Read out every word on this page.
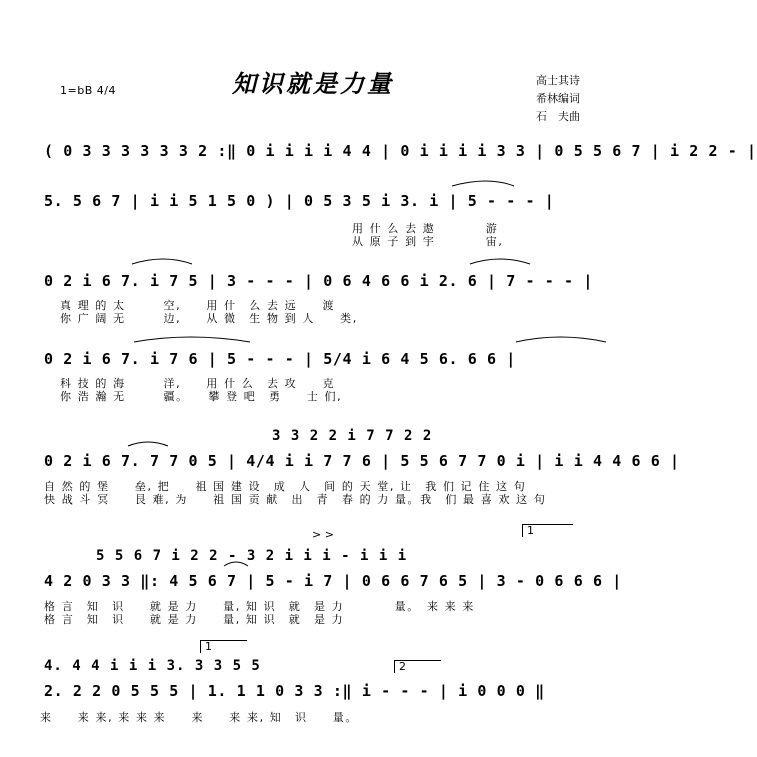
1=bB 4/4	知识就是力量	高士其诗
希林编词
石　夫曲
( 0 3 3 3 3 3 3 2 :‖ 0 i i i i 4 4 | 0 i i i i 3 3 | 0 5 5 6 7 | i 2 2 - |
5. 5 6 7 | i i 5 1 5 0 ) | 0 5 3 5 i 3. i | 5 - - - |
用 什 么 去 遨　　　　游
从 原 子 到 宇　　　　宙,
0 2 i 6 7. i 7 5 | 3 - - - | 0 6 4 6 6 i 2. 6 | 7 - - - |
真 理 的 太　　　空,　　用 什　么 去 远　　渡
你 广 阔 无　　　边,　　从 微　生 物 到 人　　类,
0 2 i 6 7. i 7 6 | 5 - - - | 5/4 i 6 4 5 6. 6 6 |
科 技 的 海　　　洋,　　用 什 么　去 攻　　克
你 浩 瀚 无　　　疆。　　攀 登 吧　勇　　士 们,
3 3 2 2 i 7 7 2 2
0 2 i 6 7. 7 7 0 5 | 4/4 i i 7 7 6 | 5 5 6 7 7 0 i | i i 4 4 6 6 |
自 然 的 堡　　垒, 把　　祖 国 建 设　成　人　间 的 天 堂, 让　我 们 记 住 这 句
快 战 斗 冥　　艮 难, 为　　祖 国 贡 献　出　青　春 的 力 量。我　们 最 喜 欢 这 句
5 5 6 7 i 2 2 - 3 2 i i i - i i i
4 2 0 3 3 ‖: 4 5 6 7 | 5 - i 7 | 0 6 6 7 6 5 | 3 - 0 6 6 6 |
格 言　知　识　　就 是 力　　量, 知 识　就　是 力　　　　量。　来 来 来
格 言　知　识　　就 是 力　　量, 知 识　就　是 力
4. 4 4 i i i 3. 3 3 5 5
2. 2 2 0 5 5 5 | 1. 1 1 0 3 3 :‖ i - - - | i 0 0 0 ‖
来　　来 来, 来 来 来　　来　　来 来, 知　识　　量。
1
1
2
> >
